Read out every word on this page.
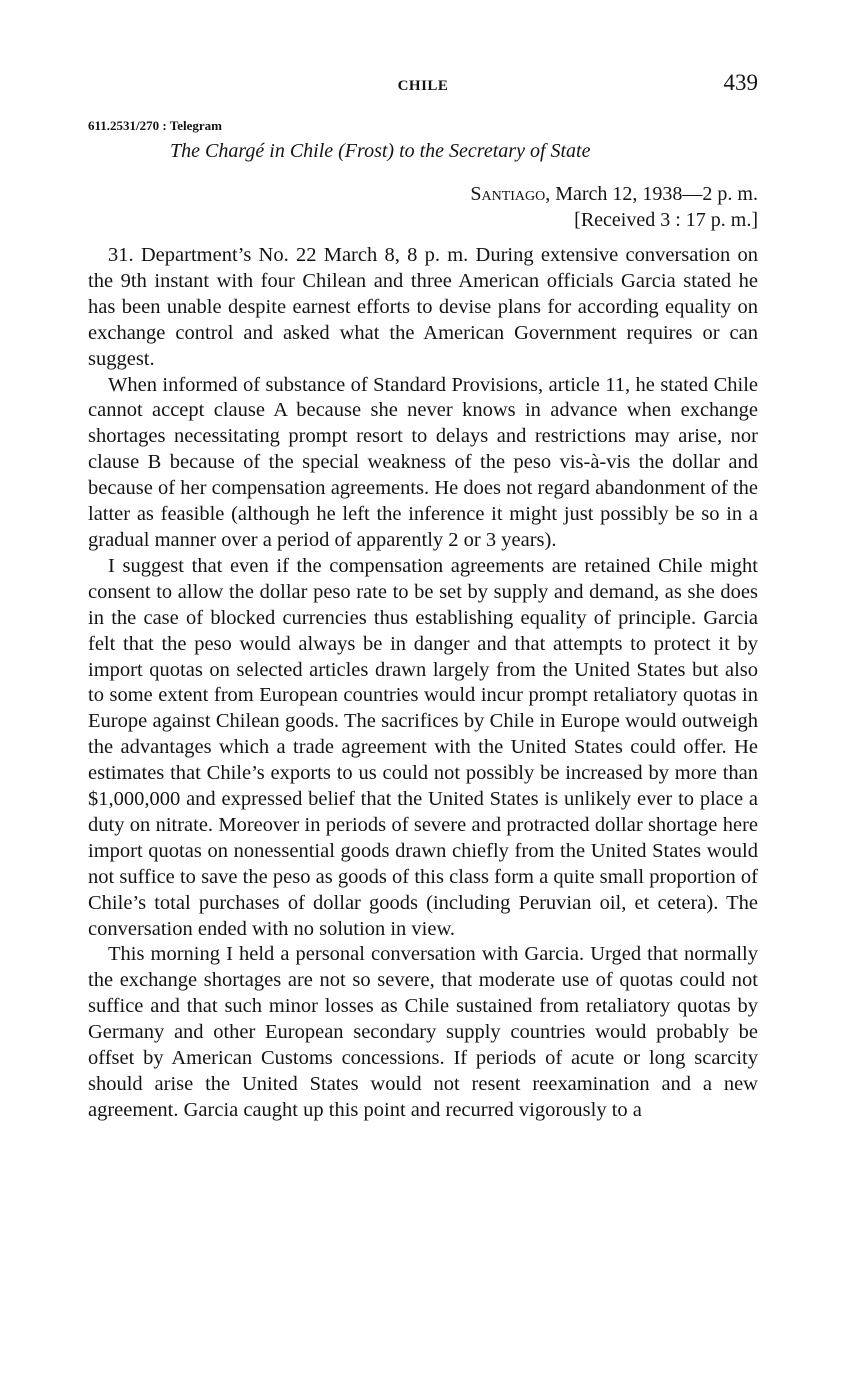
CHILE	439
611.2531/270 : Telegram
The Chargé in Chile (Frost) to the Secretary of State
Santiago, March 12, 1938—2 p. m.
[Received 3 : 17 p. m.]

31. Department’s No. 22 March 8, 8 p. m. During extensive conversation on the 9th instant with four Chilean and three American officials Garcia stated he has been unable despite earnest efforts to devise plans for according equality on exchange control and asked what the American Government requires or can suggest.

When informed of substance of Standard Provisions, article 11, he stated Chile cannot accept clause A because she never knows in advance when exchange shortages necessitating prompt resort to delays and restrictions may arise, nor clause B because of the special weakness of the peso vis-à-vis the dollar and because of her compensation agreements. He does not regard abandonment of the latter as feasible (although he left the inference it might just possibly be so in a gradual manner over a period of apparently 2 or 3 years).

I suggest that even if the compensation agreements are retained Chile might consent to allow the dollar peso rate to be set by supply and demand, as she does in the case of blocked currencies thus establishing equality of principle. Garcia felt that the peso would always be in danger and that attempts to protect it by import quotas on selected articles drawn largely from the United States but also to some extent from European countries would incur prompt retaliatory quotas in Europe against Chilean goods. The sacrifices by Chile in Europe would outweigh the advantages which a trade agreement with the United States could offer. He estimates that Chile’s exports to us could not possibly be increased by more than $1,000,000 and expressed belief that the United States is unlikely ever to place a duty on nitrate. Moreover in periods of severe and protracted dollar shortage here import quotas on nonessential goods drawn chiefly from the United States would not suffice to save the peso as goods of this class form a quite small proportion of Chile’s total purchases of dollar goods (including Peruvian oil, et cetera). The conversation ended with no solution in view.

This morning I held a personal conversation with Garcia. Urged that normally the exchange shortages are not so severe, that moderate use of quotas could not suffice and that such minor losses as Chile sustained from retaliatory quotas by Germany and other European secondary supply countries would probably be offset by American Customs concessions. If periods of acute or long scarcity should arise the United States would not resent reexamination and a new agreement. Garcia caught up this point and recurred vigorously to a
